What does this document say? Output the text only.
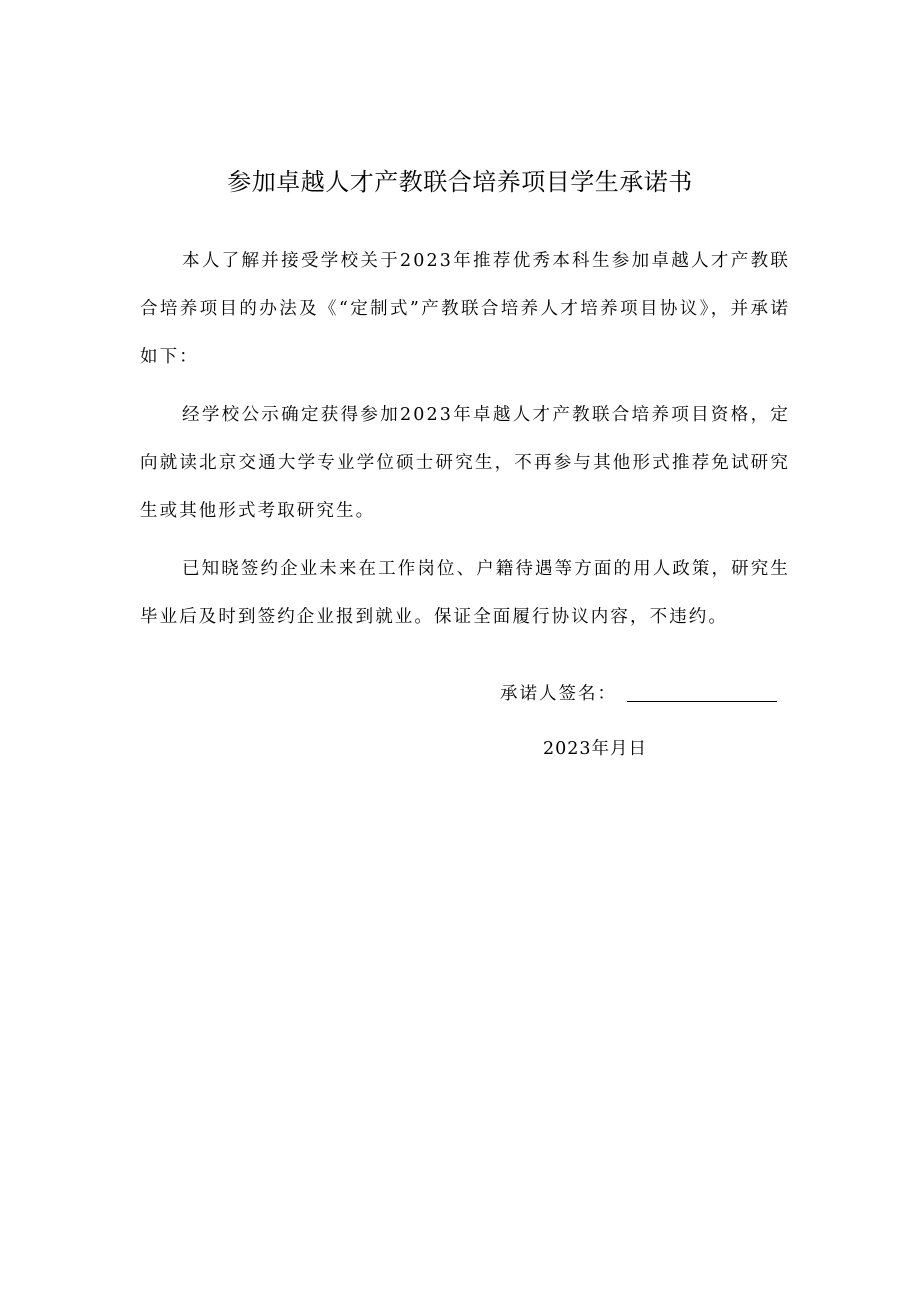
参加卓越人才产教联合培养项目学生承诺书

本人了解并接受学校关于2023年推荐优秀本科生参加卓越人才产教联合培养项目的办法及《“定制式”产教联合培养人才培养项目协议》，并承诺如下：

经学校公示确定获得参加2023年卓越人才产教联合培养项目资格，定向就读北京交通大学专业学位硕士研究生，不再参与其他形式推荐免试研究生或其他形式考取研究生。

已知晓签约企业未来在工作岗位、户籍待遇等方面的用人政策，研究生毕业后及时到签约企业报到就业。保证全面履行协议内容，不违约。

承诺人签名：
2023年月日
